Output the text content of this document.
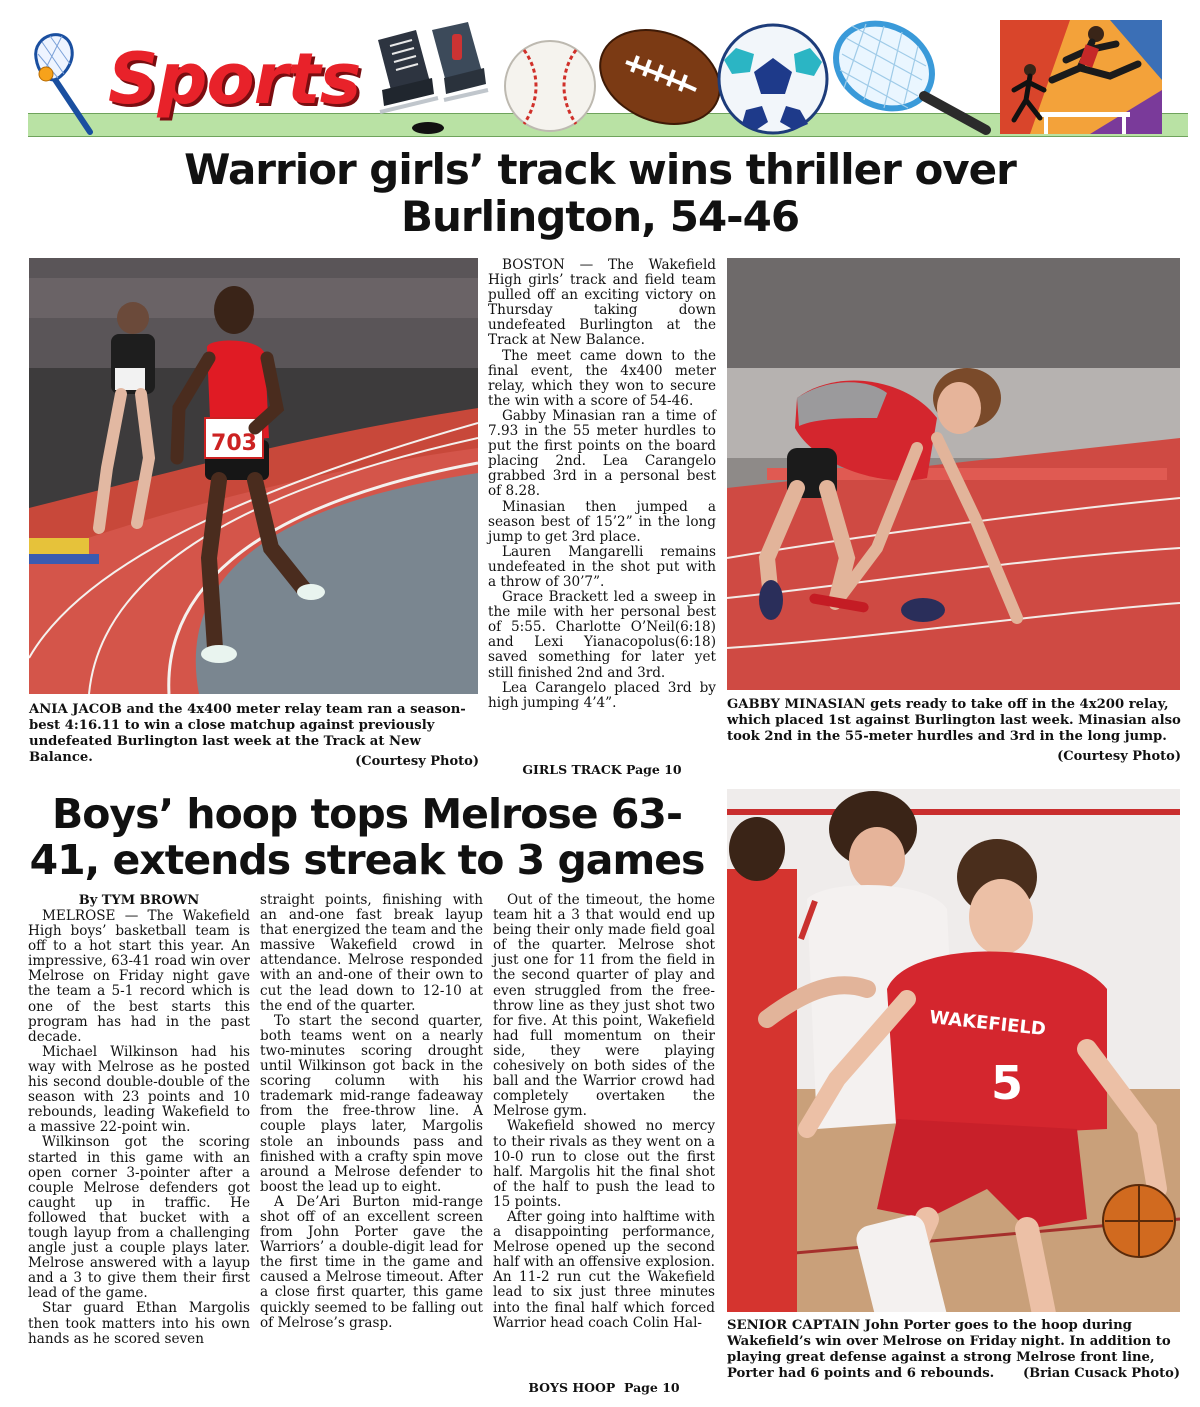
Sports
Warrior girls’ track wins thriller over Burlington, 54-46
703
ANIA JACOB and the 4x400 meter relay team ran a season-best 4:16.11 to win a close matchup against previously undefeated Burlington last week at the Track at New Balance.	(Courtesy Photo)

BOSTON — The Wakefield High girls’ track and field team pulled off an exciting victory on Thursday taking down undefeated Burlington at the Track at New Balance.

The meet came down to the final event, the 4x400 meter relay, which they won to secure the win with a score of 54-46.

Gabby Minasian ran a time of 7.93 in the 55 meter hurdles to put the first points on the board placing 2nd. Lea Carangelo grabbed 3rd in a personal best of 8.28.

Minasian then jumped a season best of 15’2” in the long jump to get 3rd place.

Lauren Mangarelli remains undefeated in the shot put with a throw of 30’7”.

Grace Brackett led a sweep in the mile with her personal best of 5:55. Charlotte O’Neil(6:18) and Lexi Yianacopolus(6:18) saved something for later yet still finished 2nd and 3rd.

Lea Carangelo placed 3rd by high jumping 4’4”.

GIRLS TRACK Page 10
GABBY MINASIAN gets ready to take off in the 4x200 relay, which placed 1st against Burlington last week. Minasian also took 2nd in the 55-meter hurdles and 3rd in the long jump.
(Courtesy Photo)
Boys’ hoop tops Melrose 63-41, extends streak to 3 games
By TYM BROWN

MELROSE — The Wakefield High boys’ basketball team is off to a hot start this year. An impressive, 63-41 road win over Melrose on Friday night gave the team a 5-1 record which is one of the best starts this program has had in the past decade.

Michael Wilkinson had his way with Melrose as he posted his second double-double of the season with 23 points and 10 rebounds, leading Wakefield to a massive 22-point win.

Wilkinson got the scoring started in this game with an open corner 3-pointer after a couple Melrose defenders got caught up in traffic. He followed that bucket with a tough layup from a challenging angle just a couple plays later. Melrose answered with a layup and a 3 to give them their first lead of the game.

Star guard Ethan Margolis then took matters into his own hands as he scored seven

straight points, finishing with an and-one fast break layup that energized the team and the massive Wakefield crowd in attendance. Melrose responded with an and-one of their own to cut the lead down to 12-10 at the end of the quarter.

To start the second quarter, both teams went on a nearly two-minutes scoring drought until Wilkinson got back in the scoring column with his trademark mid-range fadeaway from the free-throw line. A couple plays later, Margolis stole an inbounds pass and finished with a crafty spin move around a Melrose defender to boost the lead up to eight.

A De’Ari Burton mid-range shot off of an excellent screen from John Porter gave the Warriors’ a double-digit lead for the first time in the game and caused a Melrose timeout. After a close first quarter, this game quickly seemed to be falling out of Melrose’s grasp.

Out of the timeout, the home team hit a 3 that would end up being their only made field goal of the quarter. Melrose shot just one for 11 from the field in the second quarter of play and even struggled from the free-throw line as they just shot two for five. At this point, Wakefield had full momentum on their side, they were playing cohesively on both sides of the ball and the Warrior crowd had completely overtaken the Melrose gym.

Wakefield showed no mercy to their rivals as they went on a 10-0 run to close out the first half. Margolis hit the final shot of the half to push the lead to 15 points.

After going into halftime with a disappointing performance, Melrose opened up the second half with an offensive explosion. An 11-2 run cut the Wakefield lead to six just three minutes into the final half which forced Warrior head coach Colin Hal-

BOYS HOOP  Page 10
WAKEFIELD
5
SENIOR CAPTAIN John Porter goes to the hoop during Wakefield’s win over Melrose on Friday night. In addition to playing great defense against a strong Melrose front line, Porter had 6 points and 6 rebounds.	(Brian Cusack Photo)
